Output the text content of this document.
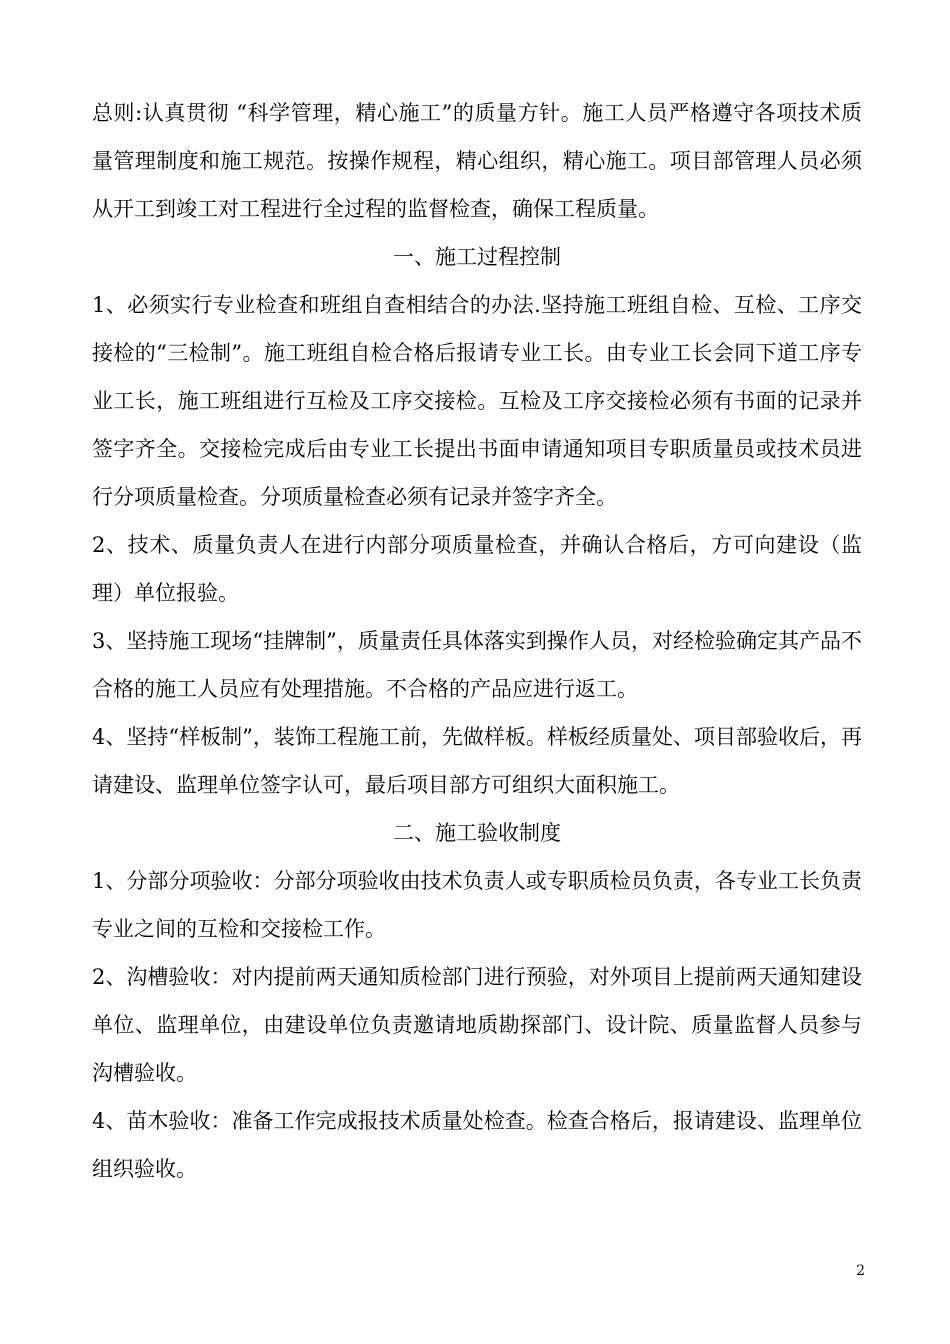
总则:认真贯彻 “科学管理，精心施工”的质量方针。施工人员严格遵守各项技术质量管理制度和施工规范。按操作规程，精心组织，精心施工。项目部管理人员必须从开工到竣工对工程进行全过程的监督检查，确保工程质量。

一、施工过程控制

1、必须实行专业检查和班组自查相结合的办法.坚持施工班组自检、互检、工序交接检的“三检制”。施工班组自检合格后报请专业工长。由专业工长会同下道工序专业工长，施工班组进行互检及工序交接检。互检及工序交接检必须有书面的记录并签字齐全。交接检完成后由专业工长提出书面申请通知项目专职质量员或技术员进行分项质量检查。分项质量检查必须有记录并签字齐全。

2、技术、质量负责人在进行内部分项质量检查，并确认合格后，方可向建设（监理）单位报验。

3、坚持施工现场“挂牌制”，质量责任具体落实到操作人员，对经检验确定其产品不合格的施工人员应有处理措施。不合格的产品应进行返工。

4、坚持“样板制”，装饰工程施工前，先做样板。样板经质量处、项目部验收后，再请建设、监理单位签字认可，最后项目部方可组织大面积施工。

二、施工验收制度

1、分部分项验收：分部分项验收由技术负责人或专职质检员负责，各专业工长负责专业之间的互检和交接检工作。

2、沟槽验收：对内提前两天通知质检部门进行预验，对外项目上提前两天通知建设单位、监理单位，由建设单位负责邀请地质勘探部门、设计院、质量监督人员参与沟槽验收。

4、苗木验收：准备工作完成报技术质量处检查。检查合格后，报请建设、监理单位组织验收。

2
